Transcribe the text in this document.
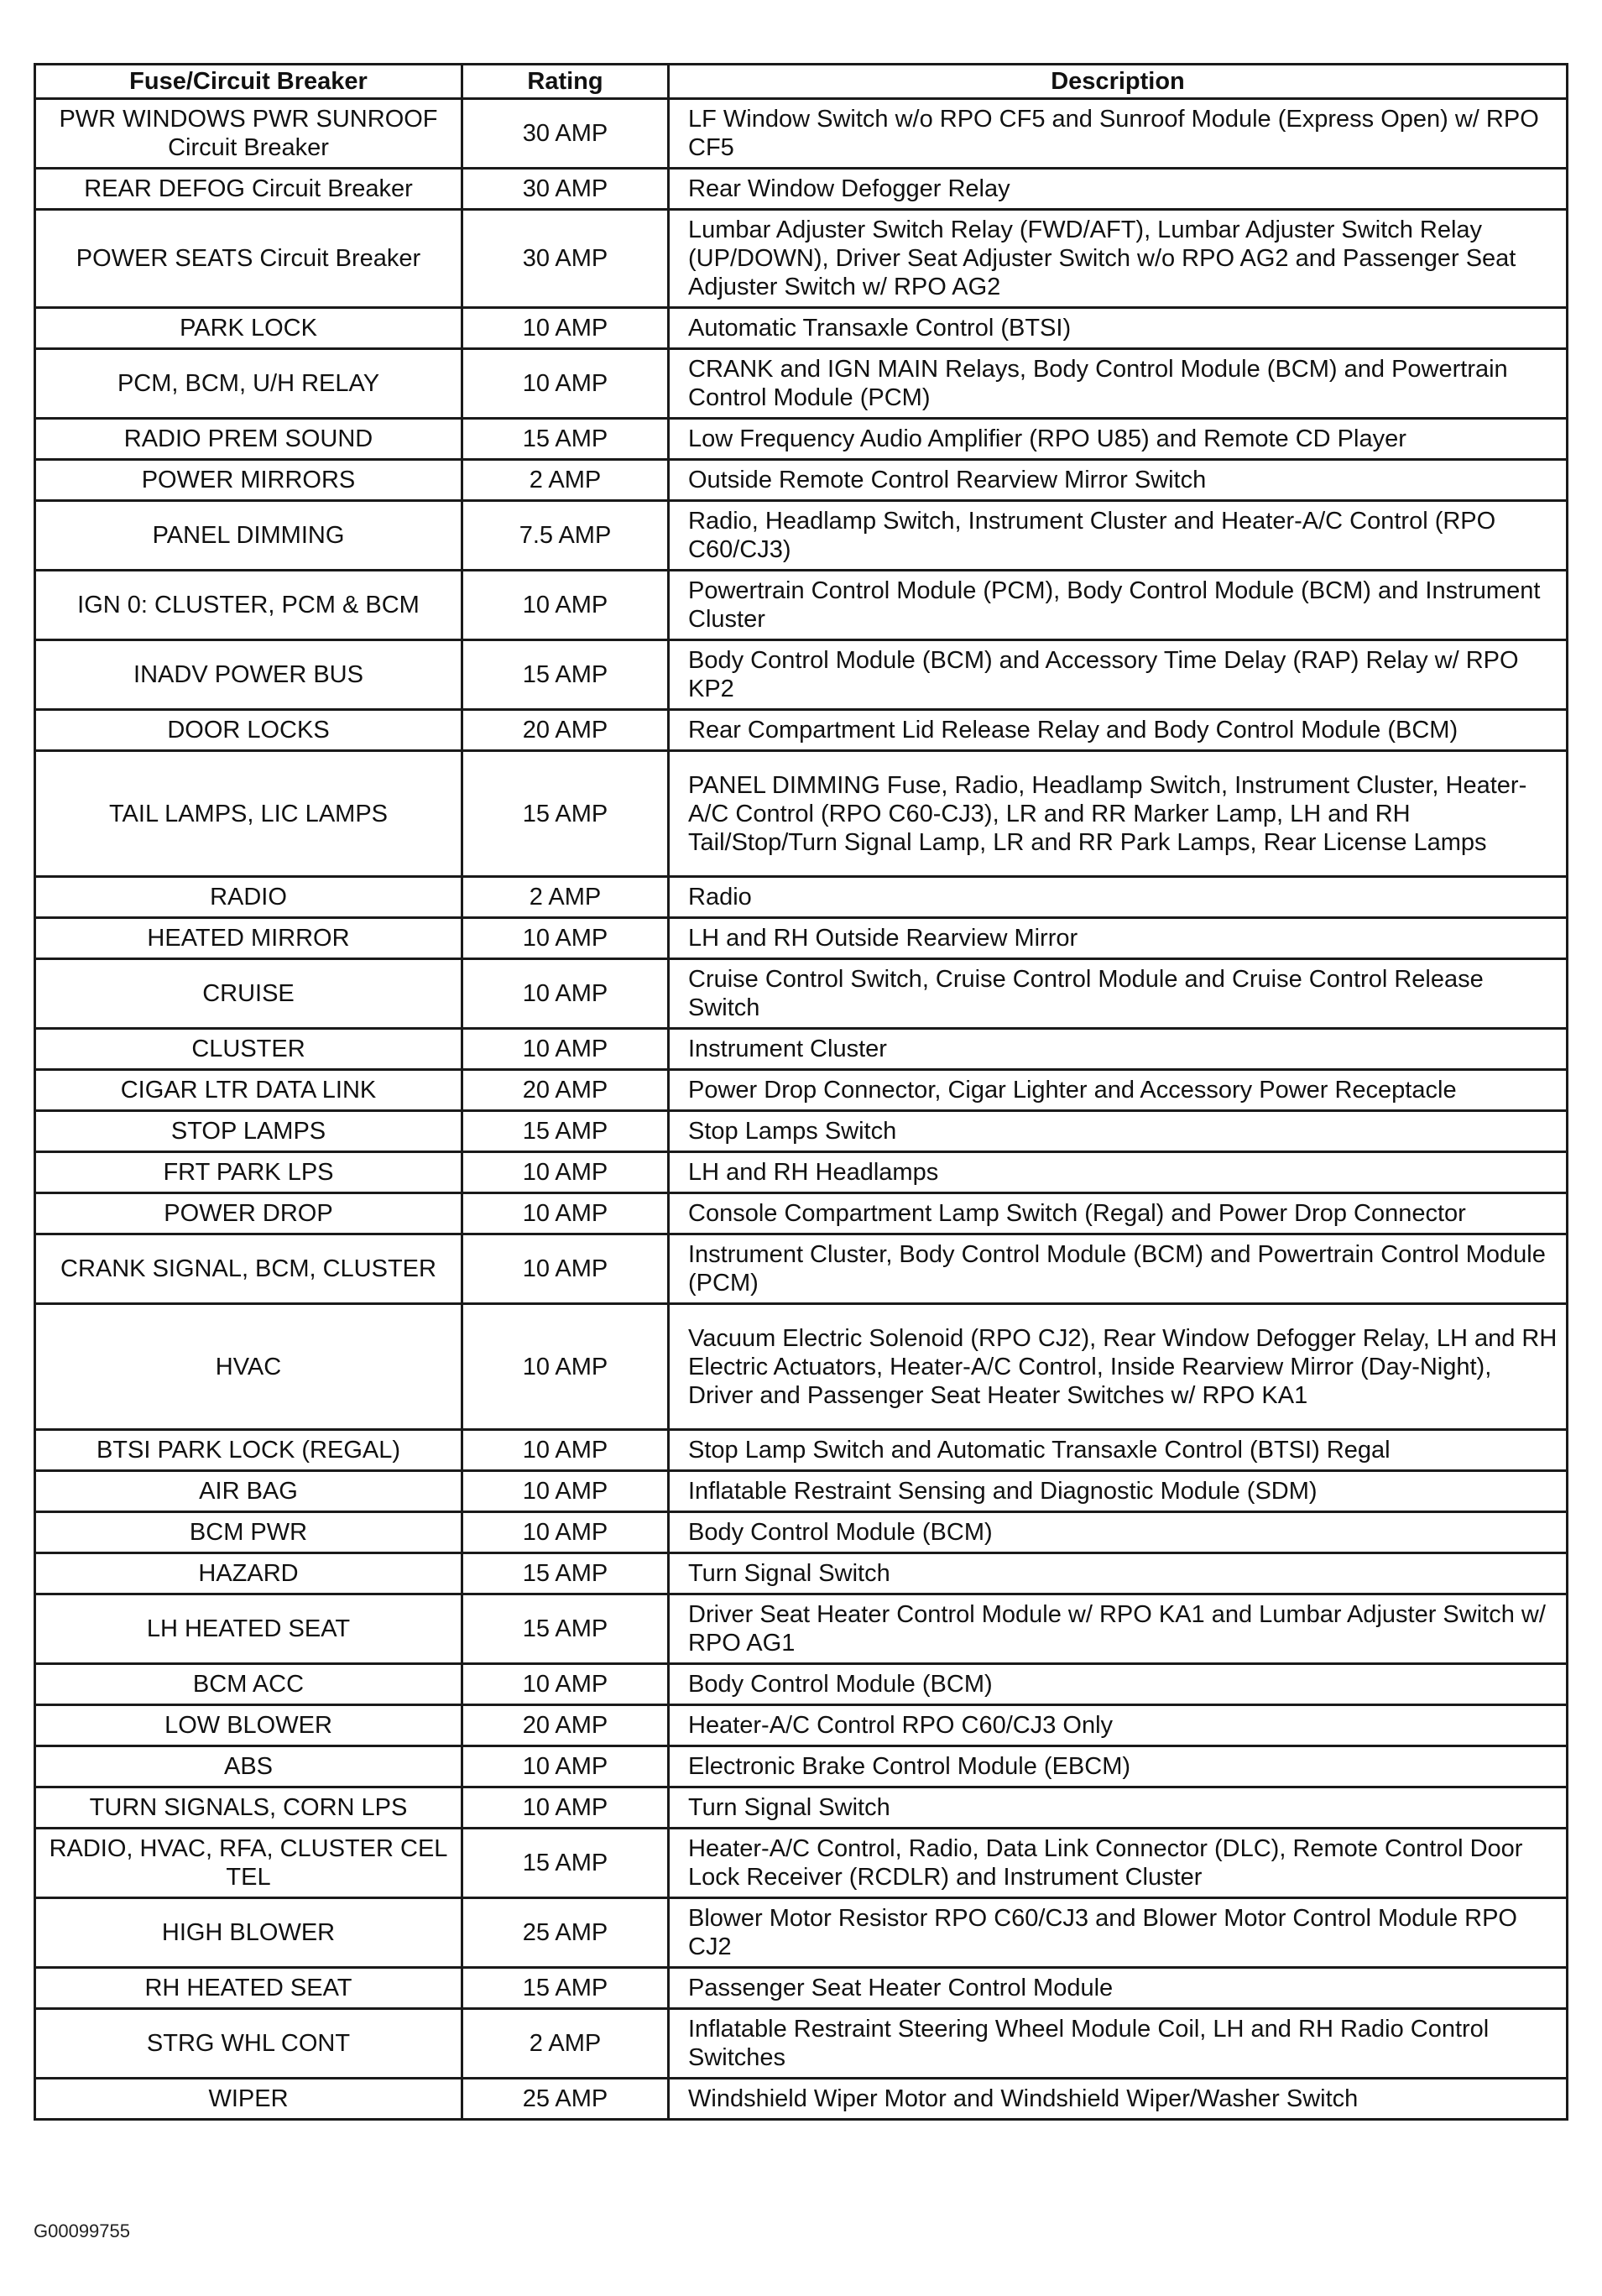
Fuse/Circuit Breaker	Rating	Description
PWR WINDOWS PWR SUNROOF Circuit Breaker	30 AMP	LF Window Switch w/o RPO CF5 and Sunroof Module (Express Open) w/ RPO CF5
REAR DEFOG Circuit Breaker	30 AMP	Rear Window Defogger Relay
POWER SEATS Circuit Breaker	30 AMP	Lumbar Adjuster Switch Relay (FWD/AFT), Lumbar Adjuster Switch Relay (UP/DOWN), Driver Seat Adjuster Switch w/o RPO AG2 and Passenger Seat Adjuster Switch w/ RPO AG2
PARK LOCK	10 AMP	Automatic Transaxle Control (BTSI)
PCM, BCM, U/H RELAY	10 AMP	CRANK and IGN MAIN Relays, Body Control Module (BCM) and Powertrain Control Module (PCM)
RADIO PREM SOUND	15 AMP	Low Frequency Audio Amplifier (RPO U85) and Remote CD Player
POWER MIRRORS	2 AMP	Outside Remote Control Rearview Mirror Switch
PANEL DIMMING	7.5 AMP	Radio, Headlamp Switch, Instrument Cluster and Heater-A/C Control (RPO C60/CJ3)
IGN 0: CLUSTER, PCM & BCM	10 AMP	Powertrain Control Module (PCM), Body Control Module (BCM) and Instrument Cluster
INADV POWER BUS	15 AMP	Body Control Module (BCM) and Accessory Time Delay (RAP) Relay w/ RPO KP2
DOOR LOCKS	20 AMP	Rear Compartment Lid Release Relay and Body Control Module (BCM)
TAIL LAMPS, LIC LAMPS	15 AMP	PANEL DIMMING Fuse, Radio, Headlamp Switch, Instrument Cluster, Heater-A/C Control (RPO C60-CJ3), LR and RR Marker Lamp, LH and RH Tail/Stop/Turn Signal Lamp, LR and RR Park Lamps, Rear License Lamps
RADIO	2 AMP	Radio
HEATED MIRROR	10 AMP	LH and RH Outside Rearview Mirror
CRUISE	10 AMP	Cruise Control Switch, Cruise Control Module and Cruise Control Release Switch
CLUSTER	10 AMP	Instrument Cluster
CIGAR LTR DATA LINK	20 AMP	Power Drop Connector, Cigar Lighter and Accessory Power Receptacle
STOP LAMPS	15 AMP	Stop Lamps Switch
FRT PARK LPS	10 AMP	LH and RH Headlamps
POWER DROP	10 AMP	Console Compartment Lamp Switch (Regal) and Power Drop Connector
CRANK SIGNAL, BCM, CLUSTER	10 AMP	Instrument Cluster, Body Control Module (BCM) and Powertrain Control Module (PCM)
HVAC	10 AMP	Vacuum Electric Solenoid (RPO CJ2), Rear Window Defogger Relay, LH and RH Electric Actuators, Heater-A/C Control, Inside Rearview Mirror (Day-Night), Driver and Passenger Seat Heater Switches w/ RPO KA1
BTSI PARK LOCK (REGAL)	10 AMP	Stop Lamp Switch and Automatic Transaxle Control (BTSI) Regal
AIR BAG	10 AMP	Inflatable Restraint Sensing and Diagnostic Module (SDM)
BCM PWR	10 AMP	Body Control Module (BCM)
HAZARD	15 AMP	Turn Signal Switch
LH HEATED SEAT	15 AMP	Driver Seat Heater Control Module w/ RPO KA1 and Lumbar Adjuster Switch w/ RPO AG1
BCM ACC	10 AMP	Body Control Module (BCM)
LOW BLOWER	20 AMP	Heater-A/C Control RPO C60/CJ3 Only
ABS	10 AMP	Electronic Brake Control Module (EBCM)
TURN SIGNALS, CORN LPS	10 AMP	Turn Signal Switch
RADIO, HVAC, RFA, CLUSTER CEL TEL	15 AMP	Heater-A/C Control, Radio, Data Link Connector (DLC), Remote Control Door Lock Receiver (RCDLR) and Instrument Cluster
HIGH BLOWER	25 AMP	Blower Motor Resistor RPO C60/CJ3 and Blower Motor Control Module RPO CJ2
RH HEATED SEAT	15 AMP	Passenger Seat Heater Control Module
STRG WHL CONT	2 AMP	Inflatable Restraint Steering Wheel Module Coil, LH and RH Radio Control Switches
WIPER	25 AMP	Windshield Wiper Motor and Windshield Wiper/Washer Switch
G00099755
